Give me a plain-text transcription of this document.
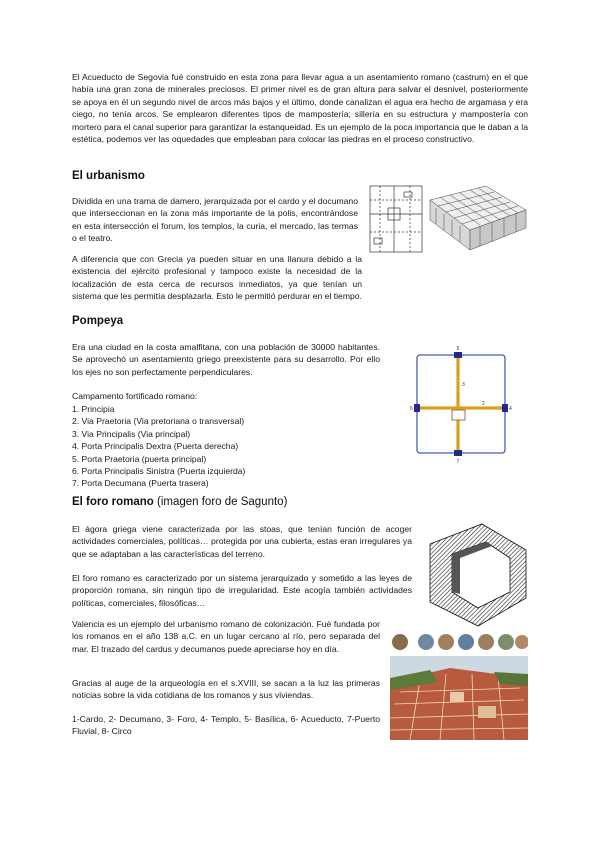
El Acueducto de Segovia fué construido en esta zona para llevar agua a un asentamiento romano (castrum) en el que había una gran zona de minerales preciosos. El primer nivel es de gran altura para salvar el desnivel, posteriormente se apoya en él un segundo nivel de arcos más bajos y el último, donde canalizan el agua era hecho de argamasa y era ciego, no tenía arcos. Se emplearon diferentes tipos de mampostería; sillería en su estructura y mampostería con mortero para el canal superior para garantizar la estanqueidad. Es un ejemplo de la poca importancia que le daban a la estética, podemos ver las oquedades que empleaban para colocar las piedras en el proceso constructivo.

El urbanismo

Dividida en una trama de damero, jerarquizada por el cardo y el documano que interseccionan en la zona más importante de la polis, encontrándose en esta intersección el forum, los templos, la curia, el mercado, las termas o el teatro.

A diferencia que con Grecia ya pueden situar en una llanura debido a la existencia del ejército profesional y tampoco existe la necesidad de la localización de esta cerca de recursos inmediatos, ya que tenían un sistema que les permitía desplazarla. Esto le permitió perdurar en el tiempo.

Pompeya

Era una ciudad en la costa amalfitana, con una población de 30000 habitantes. Se aprovechó un asentamiento griego preexistente para su desarrollo. Por ello los ejes no son perfectamente perpendiculares.

Campamento fortificado romano:

1. Principia
2. Via Praetoria (Via pretoriana o transversal)
3. Via Principalis (Via principal)
4. Porta Principalis Dextra (Puerta derecha)
5. Porta Praetoria (puerta principal)
6. Porta Principalis Sinistra (Puerta izquierda)
7. Porta Decumana (Puerta trasera)
5
7
6	4
3
2
El foro romano (imagen foro de Sagunto)

El ágora griega viene caracterizada por las stoas, que tenían función de acoger actividades comerciales, políticas… protegida por una cubierta, estas eran irregulares ya que se adaptaban a las características del terreno.

El foro romano es caracterizado por un sistema jerarquizado y sometido a las leyes de proporción romana, sin ningún tipo de irregularidad. Este acogía también actividades políticas, comerciales, filosóficas…

Valencia es un ejemplo del urbanismo romano de colonización. Fué fundada por los romanos en el año 138 a.C. en un lugar cercano al río, pero separada del mar. El trazado del cardus y decumanos puede apreciarse hoy en día.

Gracias al auge de la arqueología en el s.XVIII, se sacan a la luz las primeras noticias sobre la vida cotidiana de los romanos y sus viviendas.

1-Cardo, 2- Decumano, 3- Foro, 4- Templo, 5- Basílica, 6- Acueducto, 7-Puerto Fluvial, 8- Circo
